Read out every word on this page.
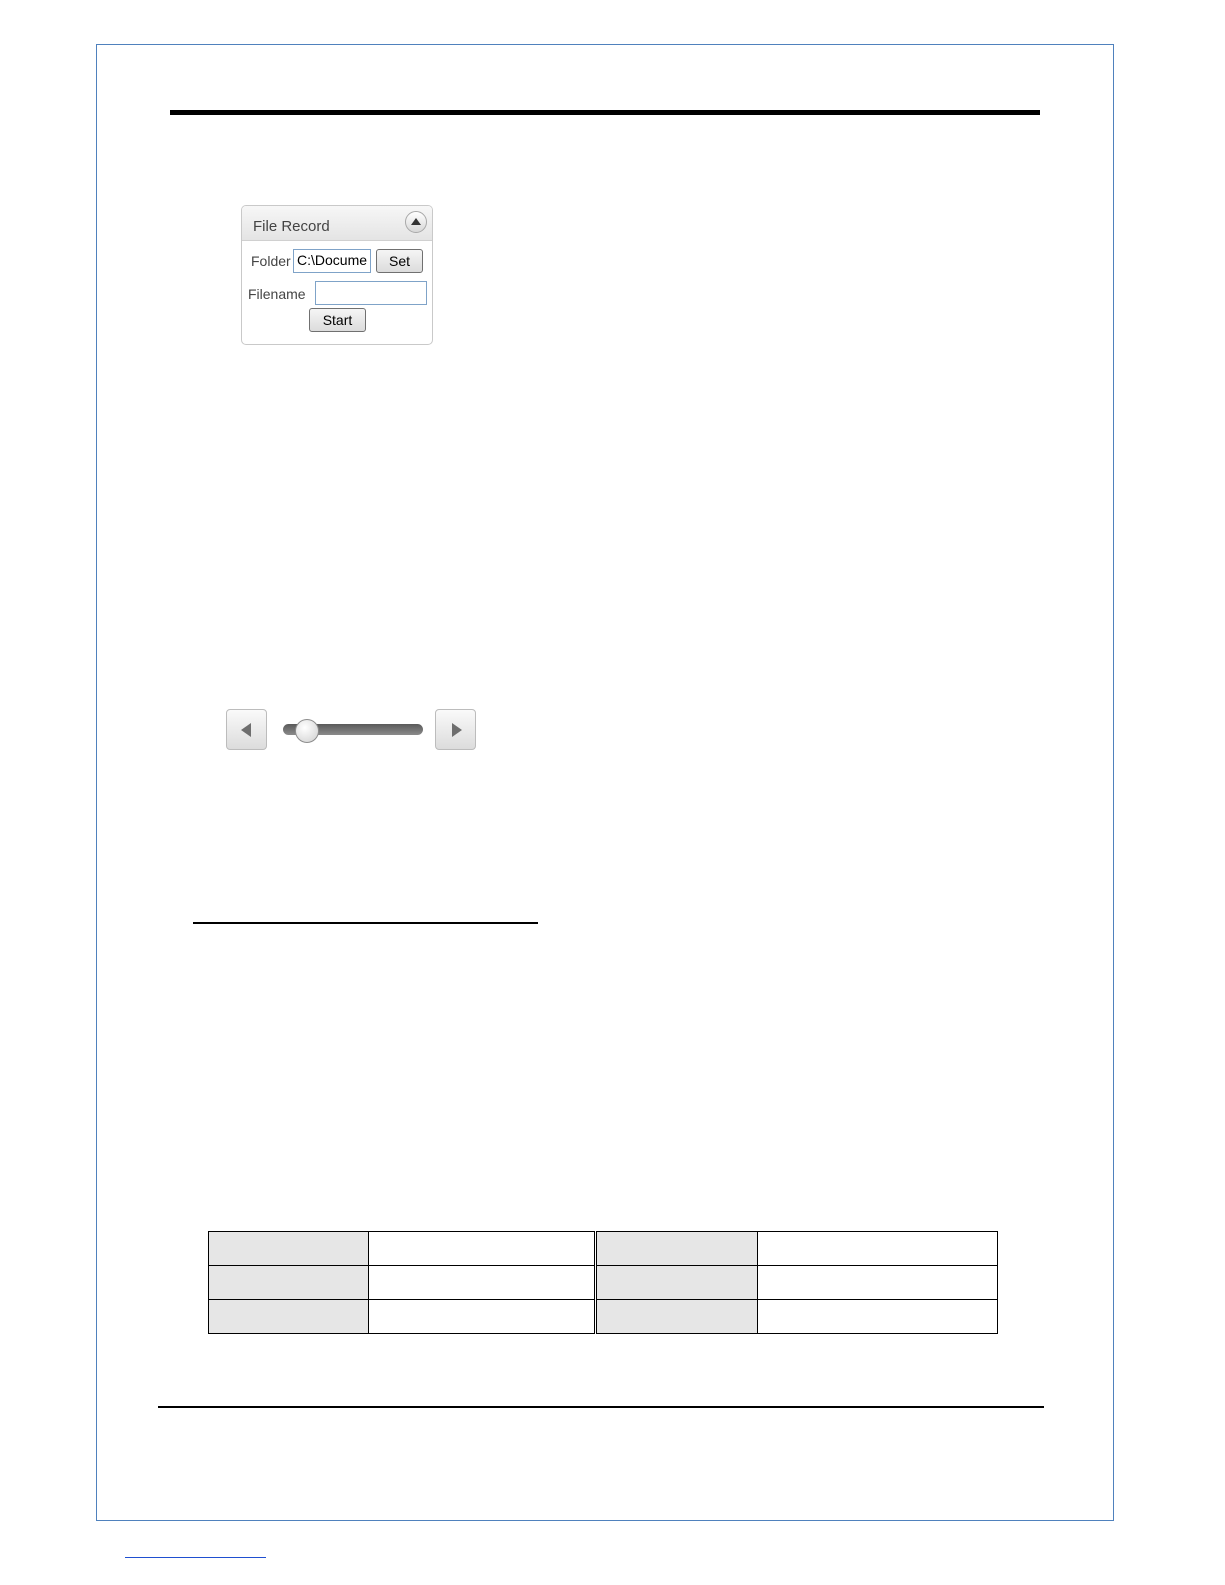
File Record
Folder C:\Docume	Set
Filename
Start
